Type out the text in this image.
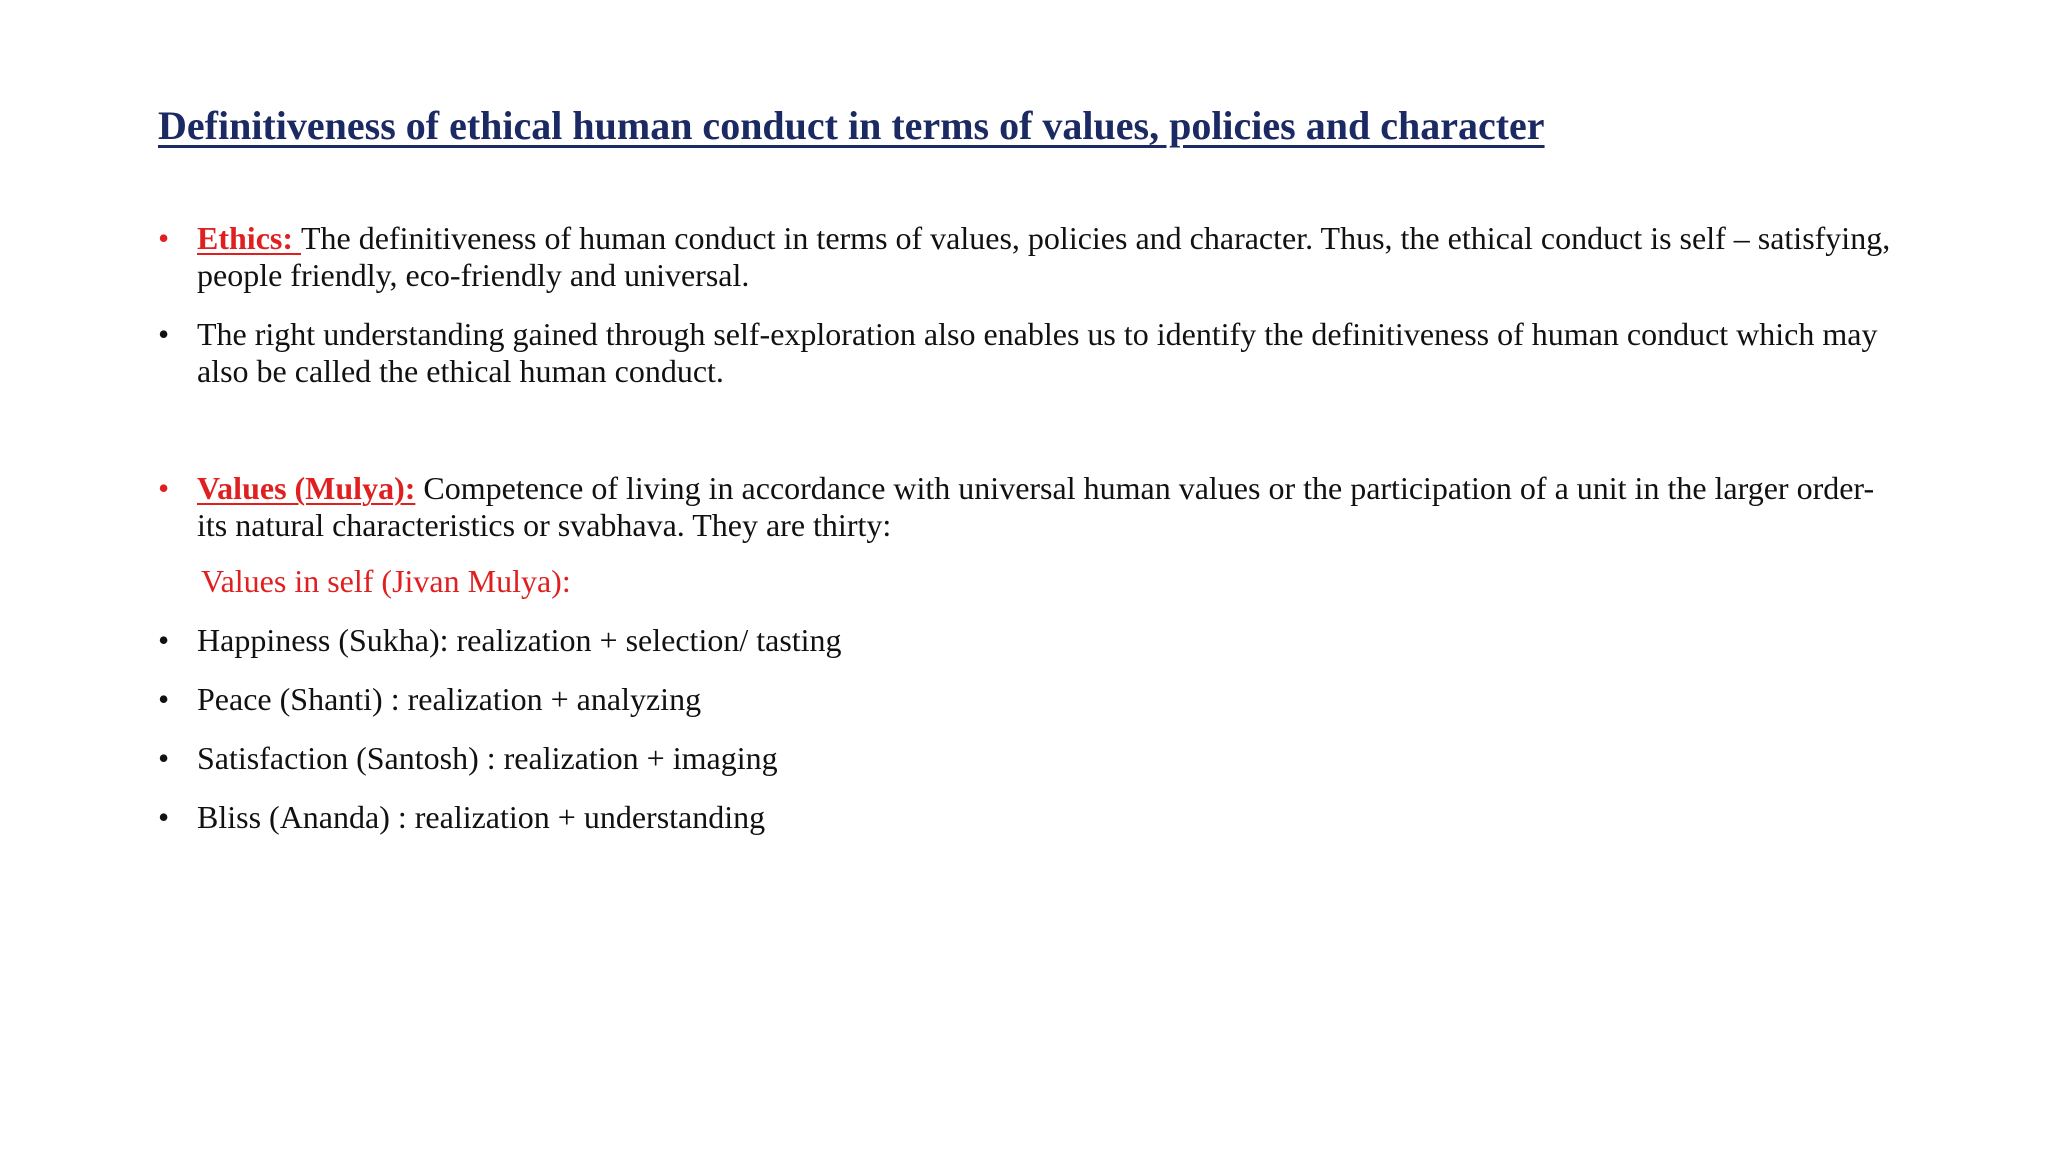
Definitiveness of ethical human conduct in terms of values, policies and character

• Ethics: The definitiveness of human conduct in terms of values, policies and character. Thus, the ethical conduct is self – satisfying, people friendly, eco-friendly and universal.

• The right understanding gained through self-exploration also enables us to identify the definitiveness of human conduct which may also be called the ethical human conduct.

• Values (Mulya): Competence of living in accordance with universal human values or the participation of a unit in the larger order- its natural characteristics or svabhava. They are thirty:

Values in self (Jivan Mulya):

• Happiness (Sukha): realization + selection/ tasting

• Peace (Shanti) : realization + analyzing

• Satisfaction (Santosh) : realization + imaging

• Bliss (Ananda) : realization + understanding
